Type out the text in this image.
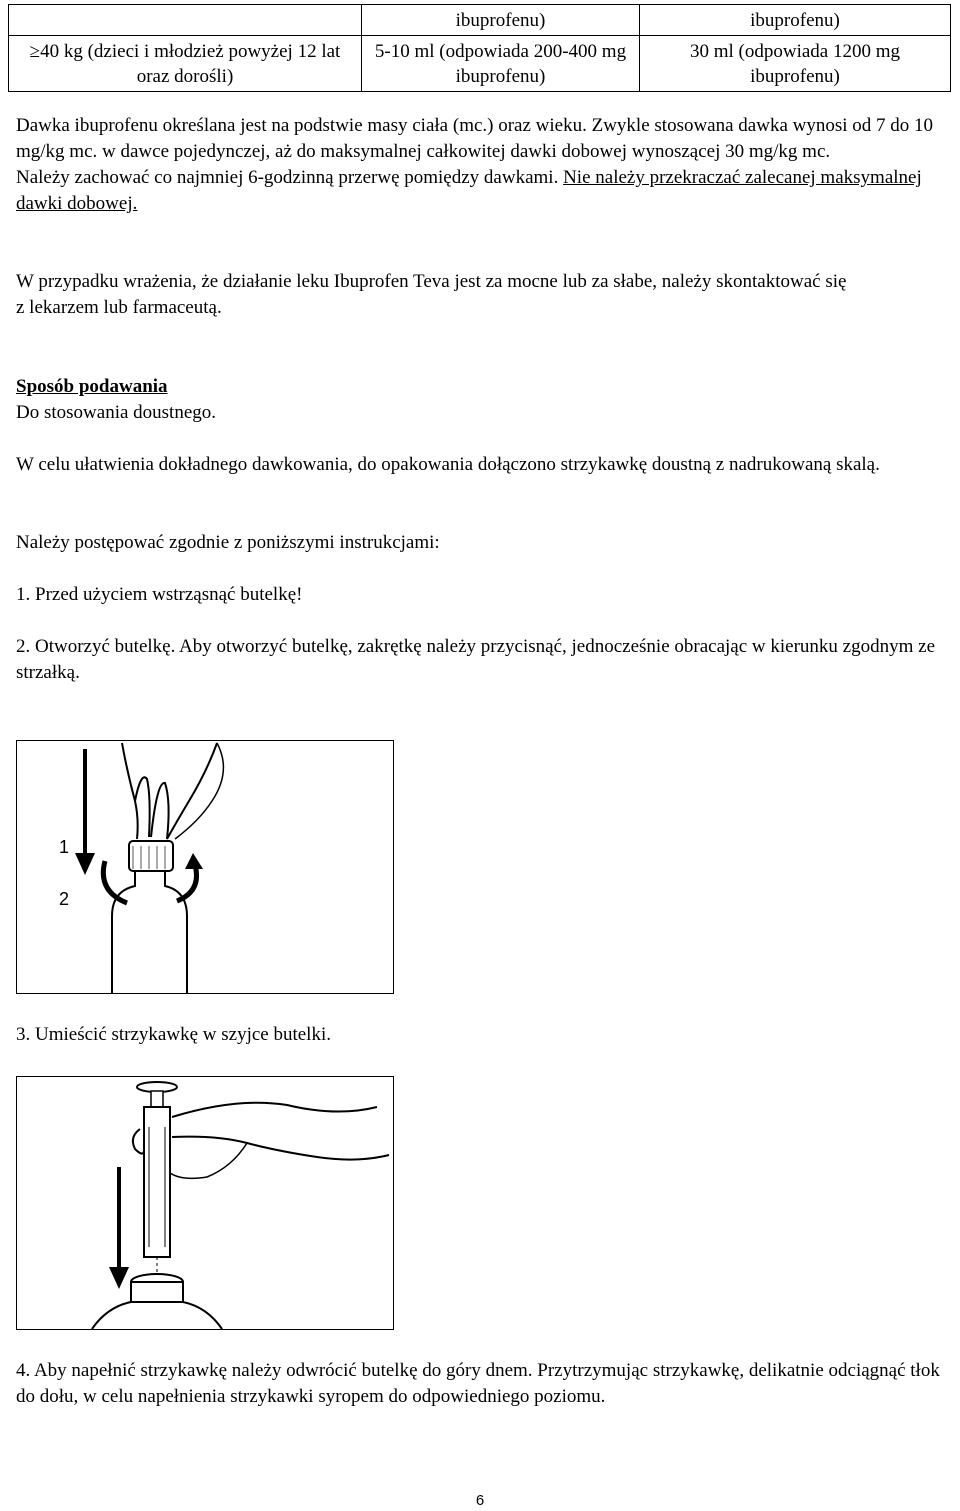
	ibuprofenu)	ibuprofenu)
≥40 kg (dzieci i młodzież powyżej 12 lat oraz dorośli)	5-10 ml (odpowiada 200-400 mg ibuprofenu)	30 ml (odpowiada 1200 mg ibuprofenu)

Dawka ibuprofenu określana jest na podstwie masy ciała (mc.) oraz wieku. Zwykle stosowana dawka wynosi od 7 do 10 mg/kg mc. w dawce pojedynczej, aż do maksymalnej całkowitej dawki dobowej wynoszącej 30 mg/kg mc.
Należy zachować co najmniej 6-godzinną przerwę pomiędzy dawkami. Nie należy przekraczać zalecanej maksymalnej dawki dobowej.

W przypadku wrażenia, że działanie leku Ibuprofen Teva jest za mocne lub za słabe, należy skontaktować się
z lekarzem lub farmaceutą.

Sposób podawania
Do stosowania doustnego.

W celu ułatwienia dokładnego dawkowania, do opakowania dołączono strzykawkę doustną z nadrukowaną skalą.

Należy postępować zgodnie z poniższymi instrukcjami:

1. Przed użyciem wstrząsnąć butelkę!

2. Otworzyć butelkę. Aby otworzyć butelkę, zakrętkę należy przycisnąć, jednocześnie obracając w kierunku zgodnym ze strzałką.

1
2

3. Umieścić strzykawkę w szyjce butelki.

4. Aby napełnić strzykawkę należy odwrócić butelkę do góry dnem. Przytrzymując strzykawkę, delikatnie odciągnąć tłok do dołu, w celu napełnienia strzykawki syropem do odpowiedniego poziomu.

6
